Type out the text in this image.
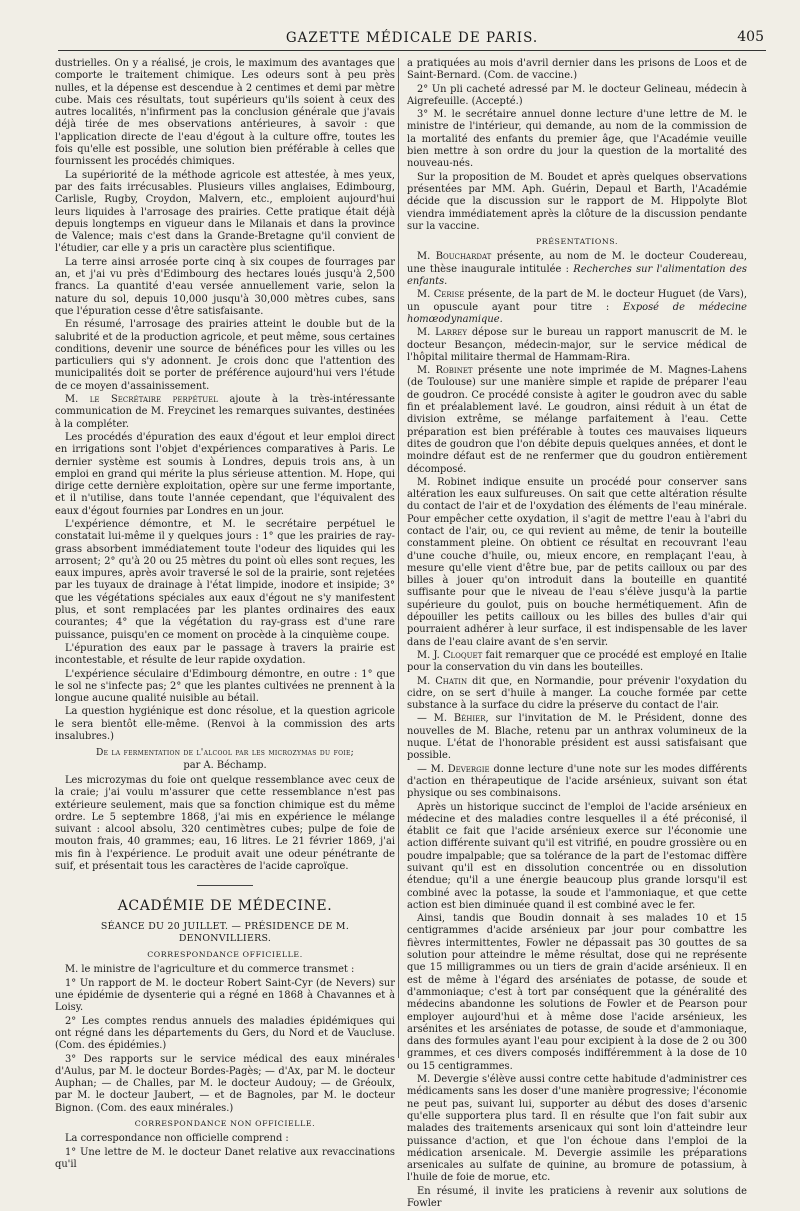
GAZETTE MÉDICALE DE PARIS.	405

dustrielles. On y a réalisé, je crois, le maximum des avantages que comporte le traitement chimique. Les odeurs sont à peu près nulles, et la dépense est descendue à 2 centimes et demi par mètre cube. Mais ces résultats, tout supérieurs qu'ils soient à ceux des autres localités, n'infirment pas la conclusion générale que j'avais déjà tirée de mes observations antérieures, à savoir : que l'application directe de l'eau d'égout à la culture offre, toutes les fois qu'elle est possible, une solution bien préférable à celles que fournissent les procédés chimiques.

La supériorité de la méthode agricole est attestée, à mes yeux, par des faits irrécusables. Plusieurs villes anglaises, Edimbourg, Carlisle, Rugby, Croydon, Malvern, etc., emploient aujourd'hui leurs liquides à l'arrosage des prairies. Cette pratique était déjà depuis longtemps en vigueur dans le Milanais et dans la province de Valence; mais c'est dans la Grande-Bretagne qu'il convient de l'étudier, car elle y a pris un caractère plus scientifique.

La terre ainsi arrosée porte cinq à six coupes de fourrages par an, et j'ai vu près d'Edimbourg des hectares loués jusqu'à 2,500 francs. La quantité d'eau versée annuellement varie, selon la nature du sol, depuis 10,000 jusqu'à 30,000 mètres cubes, sans que l'épuration cesse d'être satisfaisante.

En résumé, l'arrosage des prairies atteint le double but de la salubrité et de la production agricole, et peut même, sous certaines conditions, devenir une source de bénéfices pour les villes ou les particuliers qui s'y adonnent. Je crois donc que l'attention des municipalités doit se porter de préférence aujourd'hui vers l'étude de ce moyen d'assainissement.

M. le Secrétaire perpétuel ajoute à la très-intéressante communication de M. Freycinet les remarques suivantes, destinées à la compléter.

Les procédés d'épuration des eaux d'égout et leur emploi direct en irrigations sont l'objet d'expériences comparatives à Paris. Le dernier système est soumis à Londres, depuis trois ans, à un emploi en grand qui mérite la plus sérieuse attention. M. Hope, qui dirige cette dernière exploitation, opère sur une ferme importante, et il n'utilise, dans toute l'année cependant, que l'équivalent des eaux d'égout fournies par Londres en un jour.

L'expérience démontre, et M. le secrétaire perpétuel le constatait lui-même il y quelques jours : 1° que les prairies de ray-grass absorbent immédiatement toute l'odeur des liquides qui les arrosent; 2° qu'à 20 ou 25 mètres du point où elles sont reçues, les eaux impures, après avoir traversé le sol de la prairie, sont rejetées par les tuyaux de drainage à l'état limpide, inodore et insipide; 3° que les végétations spéciales aux eaux d'égout ne s'y manifestent plus, et sont remplacées par les plantes ordinaires des eaux courantes; 4° que la végétation du ray-grass est d'une rare puissance, puisqu'en ce moment on procède à la cinquième coupe.

L'épuration des eaux par le passage à travers la prairie est incontestable, et résulte de leur rapide oxydation.

L'expérience séculaire d'Edimbourg démontre, en outre : 1° que le sol ne s'infecte pas; 2° que les plantes cultivées ne prennent à la longue aucune qualité nuisible au bétail.

La question hygiénique est donc résolue, et la question agricole le sera bientôt elle-même. (Renvoi à la commission des arts insalubres.)

De la fermentation de l'alcool par les microzymas du foie;

par A. Béchamp.

Les microzymas du foie ont quelque ressemblance avec ceux de la craie; j'ai voulu m'assurer que cette ressemblance n'est pas extérieure seulement, mais que sa fonction chimique est du même ordre. Le 5 septembre 1868, j'ai mis en expérience le mélange suivant : alcool absolu, 320 centimètres cubes; pulpe de foie de mouton frais, 40 grammes; eau, 16 litres. Le 21 février 1869, j'ai mis fin à l'expérience. Le produit avait une odeur pénétrante de suif, et présentait tous les caractères de l'acide caproïque.

ACADÉMIE DE MÉDECINE.

SÉANCE DU 20 JUILLET. — PRÉSIDENCE DE M. DENONVILLIERS.

CORRESPONDANCE OFFICIELLE.

M. le ministre de l'agriculture et du commerce transmet :

1° Un rapport de M. le docteur Robert Saint-Cyr (de Nevers) sur une épidémie de dysenterie qui a régné en 1868 à Chavannes et à Loisy.

2° Les comptes rendus annuels des maladies épidémiques qui ont régné dans les départements du Gers, du Nord et de Vaucluse. (Com. des épidémies.)

3° Des rapports sur le service médical des eaux minérales d'Aulus, par M. le docteur Bordes-Pagès; — d'Ax, par M. le docteur Auphan; — de Challes, par M. le docteur Audouy; — de Gréoulx, par M. le docteur Jaubert, — et de Bagnoles, par M. le docteur Bignon. (Com. des eaux minérales.)

CORRESPONDANCE NON OFFICIELLE.

La correspondance non officielle comprend :

1° Une lettre de M. le docteur Danet relative aux revaccinations qu'il

a pratiquées au mois d'avril dernier dans les prisons de Loos et de Saint-Bernard. (Com. de vaccine.)

2° Un pli cacheté adressé par M. le docteur Gelineau, médecin à Aigrefeuille. (Accepté.)

3° M. le secrétaire annuel donne lecture d'une lettre de M. le ministre de l'intérieur, qui demande, au nom de la commission de la mortalité des enfants du premier âge, que l'Académie veuille bien mettre à son ordre du jour la question de la mortalité des nouveau-nés.

Sur la proposition de M. Boudet et après quelques observations présentées par MM. Aph. Guérin, Depaul et Barth, l'Académie décide que la discussion sur le rapport de M. Hippolyte Blot viendra immédiatement après la clôture de la discussion pendante sur la vaccine.

PRÉSENTATIONS.

M. Bouchardat présente, au nom de M. le docteur Coudereau, une thèse inaugurale intitulée : Recherches sur l'alimentation des enfants.

M. Cerise présente, de la part de M. le docteur Huguet (de Vars), un opuscule ayant pour titre : Exposé de médecine homœodynamique.

M. Larrey dépose sur le bureau un rapport manuscrit de M. le docteur Besançon, médecin-major, sur le service médical de l'hôpital militaire thermal de Hammam-Rira.

M. Robinet présente une note imprimée de M. Magnes-Lahens (de Toulouse) sur une manière simple et rapide de préparer l'eau de goudron. Ce procédé consiste à agiter le goudron avec du sable fin et préalablement lavé. Le goudron, ainsi réduit à un état de division extrême, se mélange parfaitement à l'eau. Cette préparation est bien préférable à toutes ces mauvaises liqueurs dites de goudron que l'on débite depuis quelques années, et dont le moindre défaut est de ne renfermer que du goudron entièrement décomposé.

M. Robinet indique ensuite un procédé pour conserver sans altération les eaux sulfureuses. On sait que cette altération résulte du contact de l'air et de l'oxydation des éléments de l'eau minérale. Pour empêcher cette oxydation, il s'agit de mettre l'eau à l'abri du contact de l'air, ou, ce qui revient au même, de tenir la bouteille constamment pleine. On obtient ce résultat en recouvrant l'eau d'une couche d'huile, ou, mieux encore, en remplaçant l'eau, à mesure qu'elle vient d'être bue, par de petits cailloux ou par des billes à jouer qu'on introduit dans la bouteille en quantité suffisante pour que le niveau de l'eau s'élève jusqu'à la partie supérieure du goulot, puis on bouche hermétiquement. Afin de dépouiller les petits cailloux ou les billes des bulles d'air qui pourraient adhérer à leur surface, il est indispensable de les laver dans de l'eau claire avant de s'en servir.

M. J. Cloquet fait remarquer que ce procédé est employé en Italie pour la conservation du vin dans les bouteilles.

M. Chatin dit que, en Normandie, pour prévenir l'oxydation du cidre, on se sert d'huile à manger. La couche formée par cette substance à la surface du cidre la préserve du contact de l'air.

— M. Béhier, sur l'invitation de M. le Président, donne des nouvelles de M. Blache, retenu par un anthrax volumineux de la nuque. L'état de l'honorable président est aussi satisfaisant que possible.

— M. Devergie donne lecture d'une note sur les modes différents d'action en thérapeutique de l'acide arsénieux, suivant son état physique ou ses combinaisons.

Après un historique succinct de l'emploi de l'acide arsénieux en médecine et des maladies contre lesquelles il a été préconisé, il établit ce fait que l'acide arsénieux exerce sur l'économie une action différente suivant qu'il est vitrifié, en poudre grossière ou en poudre impalpable; que sa tolérance de la part de l'estomac diffère suivant qu'il est en dissolution concentrée ou en dissolution étendue; qu'il a une énergie beaucoup plus grande lorsqu'il est combiné avec la potasse, la soude et l'ammoniaque, et que cette action est bien diminuée quand il est combiné avec le fer.

Ainsi, tandis que Boudin donnait à ses malades 10 et 15 centigrammes d'acide arsénieux par jour pour combattre les fièvres intermittentes, Fowler ne dépassait pas 30 gouttes de sa solution pour atteindre le même résultat, dose qui ne représente que 15 milligrammes ou un tiers de grain d'acide arsénieux. Il en est de même à l'égard des arséniates de potasse, de soude et d'ammoniaque; c'est à tort par conséquent que la généralité des médecins abandonne les solutions de Fowler et de Pearson pour employer aujourd'hui et à même dose l'acide arsénieux, les arsénites et les arséniates de potasse, de soude et d'ammoniaque, dans des formules ayant l'eau pour excipient à la dose de 2 ou 300 grammes, et ces divers composés indifféremment à la dose de 10 ou 15 centigrammes.

M. Devergie s'élève aussi contre cette habitude d'administrer ces médicaments sans les doser d'une manière progressive; l'économie ne peut pas, suivant lui, supporter au début des doses d'arsenic qu'elle supportera plus tard. Il en résulte que l'on fait subir aux malades des traitements arsenicaux qui sont loin d'atteindre leur puissance d'action, et que l'on échoue dans l'emploi de la médication arsenicale. M. Devergie assimile les préparations arsenicales au sulfate de quinine, au bromure de potassium, à l'huile de foie de morue, etc.

En résumé, il invite les praticiens à revenir aux solutions de Fowler
